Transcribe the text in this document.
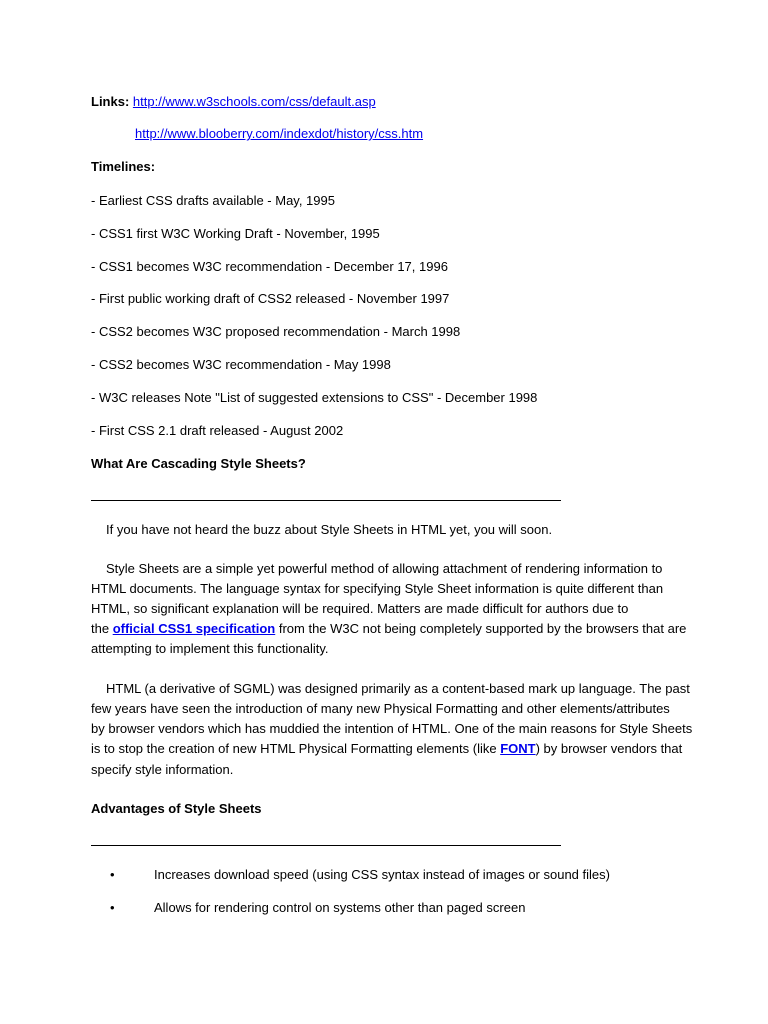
Links: http://www.w3schools.com/css/default.asp
http://www.blooberry.com/indexdot/history/css.htm
Timelines:
- Earliest CSS drafts available - May, 1995
- CSS1 first W3C Working Draft - November, 1995
- CSS1 becomes W3C recommendation - December 17, 1996
- First public working draft of CSS2 released - November 1997
- CSS2 becomes W3C proposed recommendation - March 1998
- CSS2 becomes W3C recommendation - May 1998
- W3C releases Note "List of suggested extensions to CSS" - December 1998
- First CSS 2.1 draft released - August 2002
What Are Cascading Style Sheets?
If you have not heard the buzz about Style Sheets in HTML yet, you will soon.
Style Sheets are a simple yet powerful method of allowing attachment of rendering information to
HTML documents. The language syntax for specifying Style Sheet information is quite different than
HTML, so significant explanation will be required. Matters are made difficult for authors due to
the official CSS1 specification from the W3C not being completely supported by the browsers that are
attempting to implement this functionality.
HTML (a derivative of SGML) was designed primarily as a content-based mark up language. The past
few years have seen the introduction of many new Physical Formatting and other elements/attributes
by browser vendors which has muddied the intention of HTML. One of the main reasons for Style Sheets
is to stop the creation of new HTML Physical Formatting elements (like FONT) by browser vendors that
specify style information.
Advantages of Style Sheets
•	Increases download speed (using CSS syntax instead of images or sound files)
•	Allows for rendering control on systems other than paged screen
